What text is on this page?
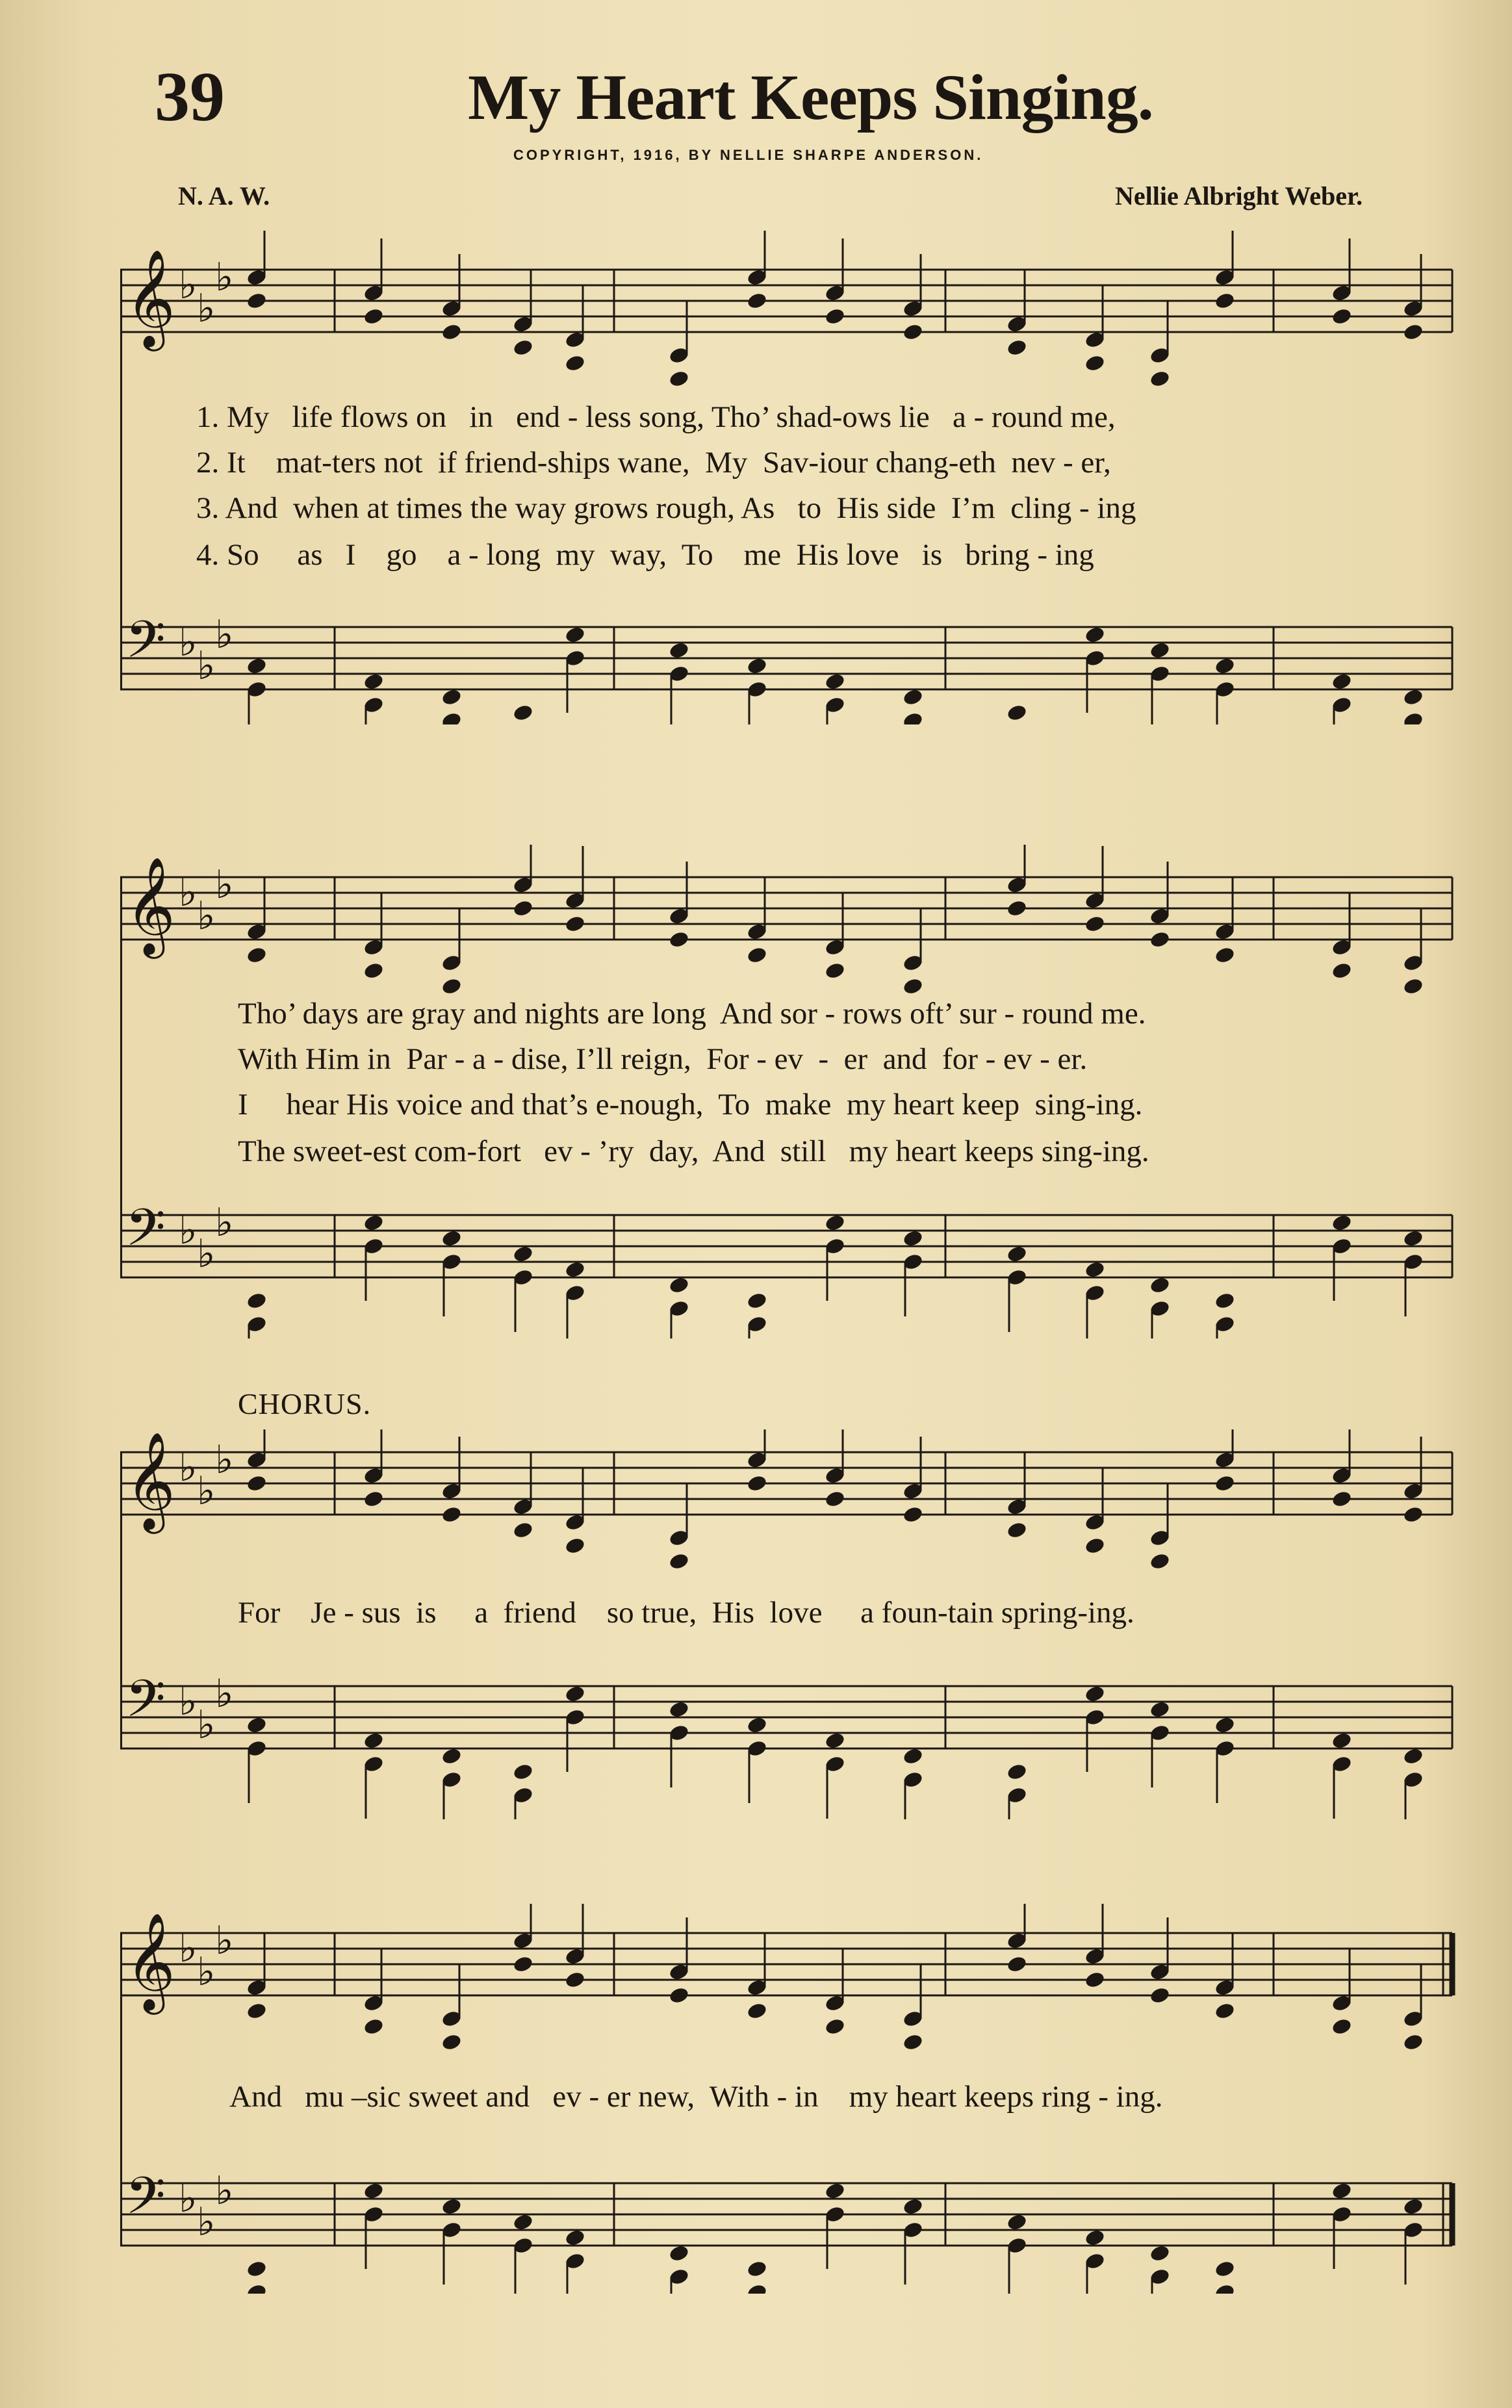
39	My Heart Keeps Singing.
COPYRIGHT, 1916, BY NELLIE SHARPE ANDERSON.
N. A. W.	Nellie Albright Weber.
𝄞 ♭
♭
♭
𝄢 ♭
♭
♭
1. My   life flows on   in   end - less song, Tho’ shad-ows lie   a - round me,
2. It    mat-ters not  if friend-ships wane,  My  Sav-iour chang-eth  nev - er,
3. And  when at times the way grows rough, As   to  His side  I’m  cling - ing
4. So     as   I    go    a - long  my  way,  To    me  His love   is   bring - ing
𝄞 ♭
♭
♭
𝄢 ♭
♭
♭
Tho’ days are gray and nights are long  And sor - rows oft’ sur - round me.
With Him in  Par - a - dise, I’ll reign,  For - ev  -  er  and  for - ev - er.
I     hear His voice and that’s e-nough,  To  make  my heart keep  sing-ing.
The sweet-est com-fort   ev - ’ry  day,  And  still   my heart keeps sing-ing.
CHORUS.
𝄞 ♭
♭
♭
𝄢 ♭
♭
♭
For    Je - sus  is     a  friend    so true,  His  love     a foun-tain spring-ing.
𝄞 ♭
♭
♭
𝄢 ♭
♭
♭
And   mu –sic sweet and   ev - er new,  With - in    my heart keeps ring - ing.
